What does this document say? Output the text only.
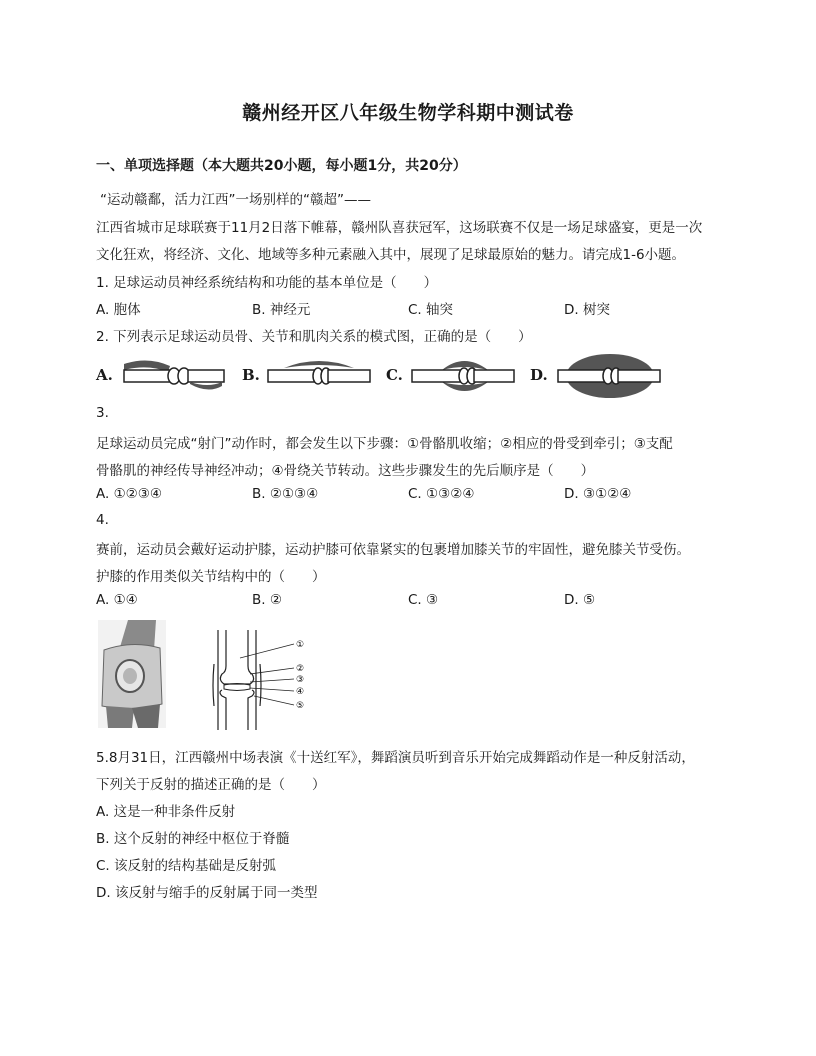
赣州经开区八年级生物学科期中测试卷
一、单项选择题（本大题共20小题，每小题1分，共20分）
“运动赣鄱，活力江西”一场别样的“赣超”——
江西省城市足球联赛于11月2日落下帷幕，赣州队喜获冠军，这场联赛不仅是一场足球盛宴，更是一次
文化狂欢，将经济、文化、地域等多种元素融入其中，展现了足球最原始的魅力。请完成1-6小题。
1. 足球运动员神经系统结构和功能的基本单位是（　　）
A. 胞体	B. 神经元	C. 轴突	D. 树突
2. 下列表示足球运动员骨、关节和肌肉关系的模式图，正确的是（　　）
A.	B.	C.	D.
3.
足球运动员完成“射门”动作时，都会发生以下步骤：①骨骼肌收缩；②相应的骨受到牵引；③支配
骨骼肌的神经传导神经冲动；④骨绕关节转动。这些步骤发生的先后顺序是（　　）
A. ①②③④	B. ②①③④	C. ①③②④	D. ③①②④
4.
赛前，运动员会戴好运动护膝，运动护膝可依靠紧实的包裹增加膝关节的牢固性，避免膝关节受伤。
护膝的作用类似关节结构中的（　　）
A. ①④	B. ②	C. ③	D. ⑤
①
②
③
④
⑤
5.8月31日，江西赣州中场表演《十送红军》，舞蹈演员听到音乐开始完成舞蹈动作是一种反射活动，
下列关于反射的描述正确的是（　　）
A. 这是一种非条件反射
B. 这个反射的神经中枢位于脊髓
C. 该反射的结构基础是反射弧
D. 该反射与缩手的反射属于同一类型
